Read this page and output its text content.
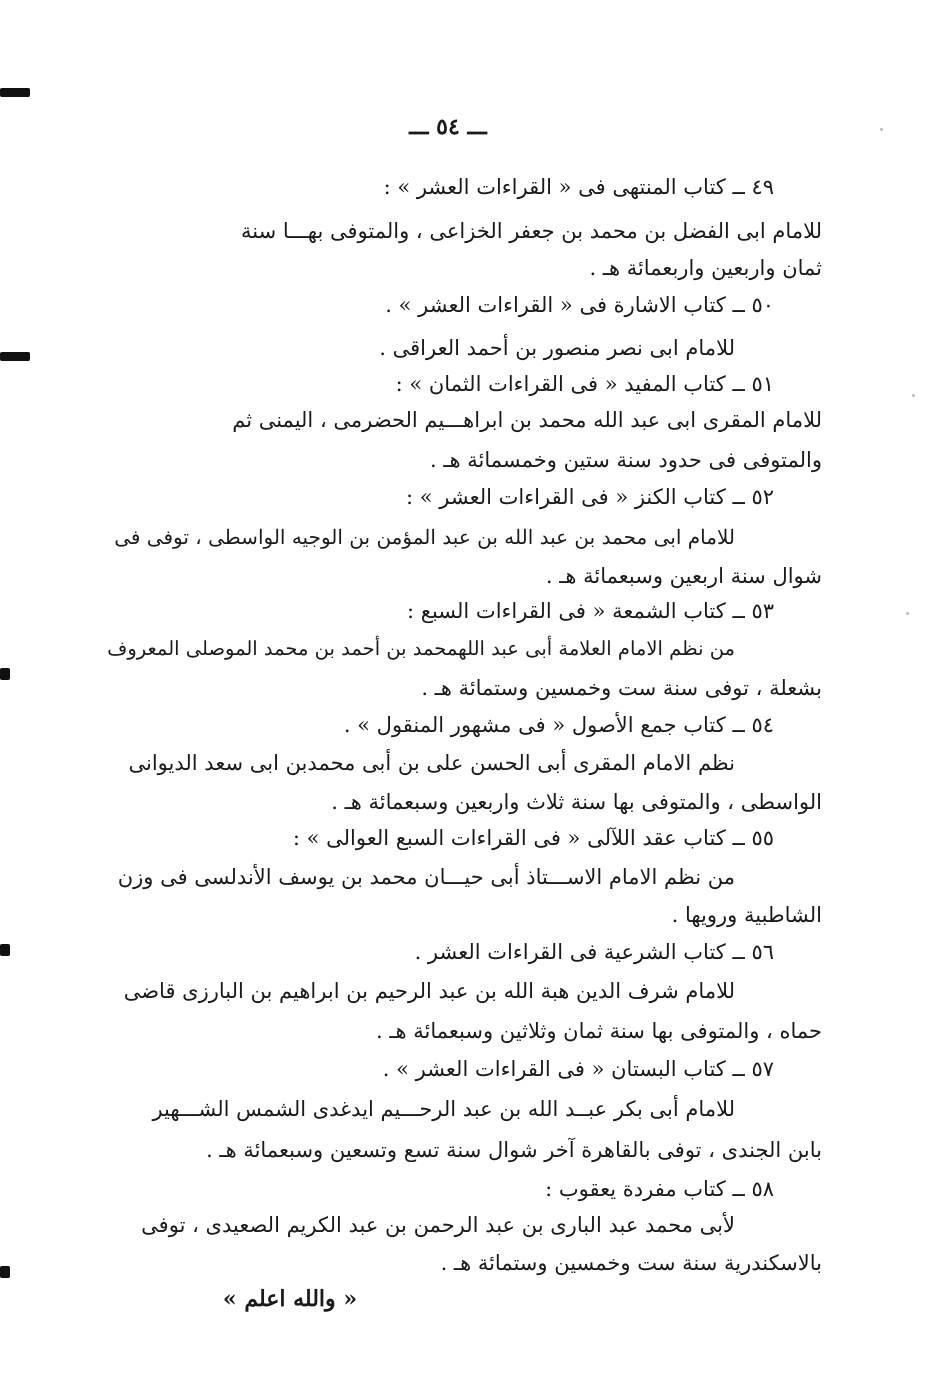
ـــ ٥٤ ـــ
٤٩ ــ كتاب المنتهى فى « القراءات العشر » :
للامام ابى الفضل بن محمد بن جعفر الخزاعى ، والمتوفى بهـــا سنة
ثمان واربعين واربعمائة هـ .
٥٠ ــ كتاب الاشارة فى « القراءات العشر » .
للامام ابى نصر منصور بن أحمد العراقى .
٥١ ــ كتاب المفيد « فى القراءات الثمان » :
للامام المقرى ابى عبد الله محمد بن ابراهـــيم الحضرمى ، اليمنى ثم
والمتوفى فى حدود سنة ستين وخمسمائة هـ .
٥٢ ــ كتاب الكنز « فى القراءات العشر » :
للامام ابى محمد بن عبد الله بن عبد المؤمن بن الوجيه الواسطى ، توفى فى
شوال سنة اربعين وسبعمائة هـ .
٥٣ ــ كتاب الشمعة « فى القراءات السبع :
من نظم الامام العلامة أبى عبد اللهمحمد بن أحمد بن محمد الموصلى المعروف
بشعلة ، توفى سنة ست وخمسين وستمائة هـ .
٥٤ ــ كتاب جمع الأصول « فى مشهور المنقول » .
نظم الامام المقرى أبى الحسن على بن أبى محمدبن ابى سعد الديوانى
الواسطى ، والمتوفى بها سنة ثلاث واربعين وسبعمائة هـ .
٥٥ ــ كتاب عقد اللآلى « فى القراءات السبع العوالى » :
من نظم الامام الاســـتاذ أبى حيـــان محمد بن يوسف الأندلسى فى وزن
الشاطبية ورويها .
٥٦ ــ كتاب الشرعية فى القراءات العشر .
للامام شرف الدين هبة الله بن عبد الرحيم بن ابراهيم بن البارزى قاضى
حماه ، والمتوفى بها سنة ثمان وثلاثين وسبعمائة هـ .
٥٧ ــ كتاب البستان « فى القراءات العشر » .
للامام أبى بكر عبــد الله بن عبد الرحـــيم ايدغدى الشمس الشـــهير
بابن الجندى ، توفى بالقاهرة آخر شوال سنة تسع وتسعين وسبعمائة هـ .
٥٨ ــ كتاب مفردة يعقوب :
لأبى محمد عبد البارى بن عبد الرحمن بن عبد الكريم الصعيدى ، توفى
بالاسكندرية سنة ست وخمسين وستمائة هـ .
« والله اعلم »
